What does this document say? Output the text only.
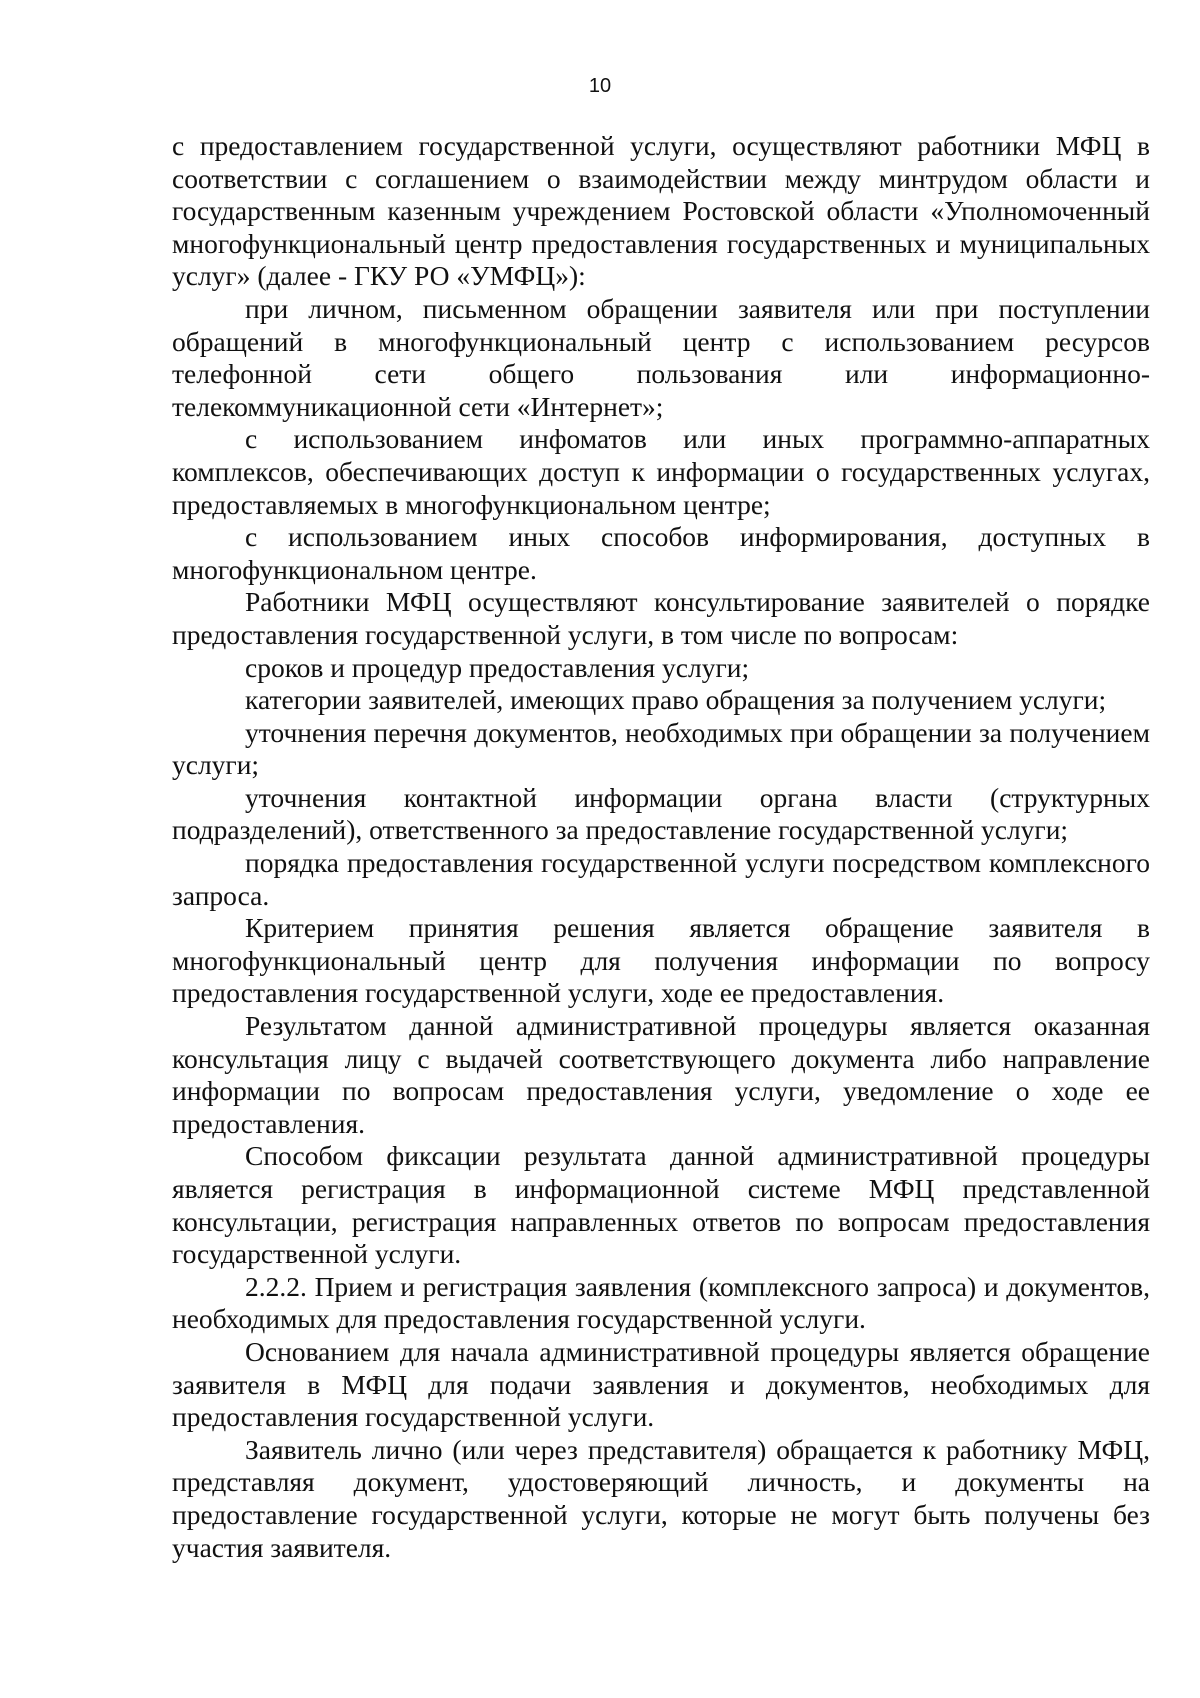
10

с предоставлением государственной услуги, осуществляют работники МФЦ в соответствии с соглашением о взаимодействии между минтрудом области и государственным казенным учреждением Ростовской области «Уполномоченный многофункциональный центр предоставления государственных и муниципальных услуг» (далее - ГКУ РО «УМФЦ»):

при личном, письменном обращении заявителя или при поступлении обращений в многофункциональный центр с использованием ресурсов телефонной сети общего пользования или информационно-телекоммуникационной сети «Интернет»;

с использованием инфоматов или иных программно-аппаратных комплексов, обеспечивающих доступ к информации о государственных услугах, предоставляемых в многофункциональном центре;

с использованием иных способов информирования, доступных в многофункциональном центре.

Работники МФЦ осуществляют консультирование заявителей о порядке предоставления государственной услуги, в том числе по вопросам:

сроков и процедур предоставления услуги;

категории заявителей, имеющих право обращения за получением услуги;

уточнения перечня документов, необходимых при обращении за получением услуги;

уточнения контактной информации органа власти (структурных подразделений), ответственного за предоставление государственной услуги;

порядка предоставления государственной услуги посредством комплексного запроса.

Критерием принятия решения является обращение заявителя в многофункциональный центр для получения информации по вопросу предоставления государственной услуги, ходе ее предоставления.

Результатом данной административной процедуры является оказанная консультация лицу с выдачей соответствующего документа либо направление информации по вопросам предоставления услуги, уведомление о ходе ее предоставления.

Способом фиксации результата данной административной процедуры является регистрация в информационной системе МФЦ представленной консультации, регистрация направленных ответов по вопросам предоставления государственной услуги.

2.2.2. Прием и регистрация заявления (комплексного запроса) и документов, необходимых для предоставления государственной услуги.

Основанием для начала административной процедуры является обращение заявителя в МФЦ для подачи заявления и документов, необходимых для предоставления государственной услуги.

Заявитель лично (или через представителя) обращается к работнику МФЦ, представляя документ, удостоверяющий личность, и документы на предоставление государственной услуги, которые не могут быть получены без участия заявителя.
